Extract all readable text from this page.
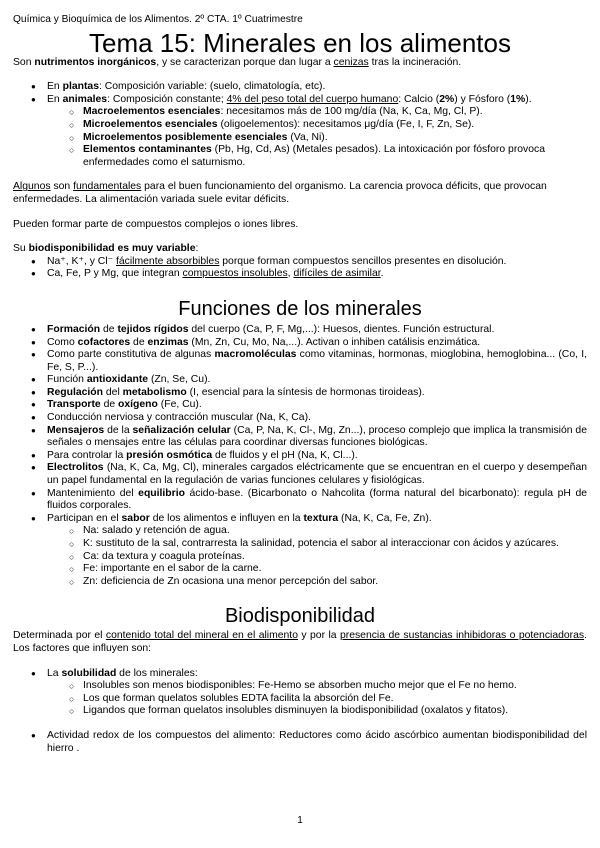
Química y Bioquímica de los Alimentos. 2º CTA. 1º Cuatrimestre
Tema 15: Minerales en los alimentos

Son nutrimentos inorgánicos, y se caracterizan porque dan lugar a cenizas tras la incineración.

● En plantas: Composición variable: (suelo, climatología, etc).
● En animales: Composición constante; 4% del peso total del cuerpo humano: Calcio (2%) y Fósforo (1%).
○ Macroelementos esenciales: necesitamos más de 100 mg/día (Na, K, Ca, Mg, Cl, P).
○ Microelementos esenciales (oligoelementos): necesitamos μg/día (Fe, I, F, Zn, Se).
○ Microelementos posiblemente esenciales (Va, Ni).
○ Elementos contaminantes (Pb, Hg, Cd, As) (Metales pesados). La intoxicación por fósforo provoca enfermedades como el saturnismo.

Algunos son fundamentales para el buen funcionamiento del organismo. La carencia provoca déficits, que provocan enfermedades. La alimentación variada suele evitar déficits.

Pueden formar parte de compuestos complejos o iones libres.

Su biodisponibilidad es muy variable:

● Na⁺, K⁺, y Cl⁻ fácilmente absorbibles porque forman compuestos sencillos presentes en disolución.
● Ca, Fe, P y Mg, que integran compuestos insolubles, difíciles de asimilar.
Funciones de los minerales
● Formación de tejidos rígidos del cuerpo (Ca, P, F, Mg,...): Huesos, dientes. Función estructural.
● Como cofactores de enzimas (Mn, Zn, Cu, Mo, Na,...). Activan o inhiben catálisis enzimática.
● Como parte constitutiva de algunas macromoléculas como vitaminas, hormonas, mioglobina, hemoglobina... (Co, I, Fe, S, P...).
● Función antioxidante (Zn, Se, Cu).
● Regulación del metabolismo (I, esencial para la síntesis de hormonas tiroideas).
● Transporte de oxígeno (Fe, Cu).
● Conducción nerviosa y contracción muscular (Na, K, Ca).
● Mensajeros de la señalización celular (Ca, P, Na, K, Cl-, Mg, Zn...), proceso complejo que implica la transmisión de señales o mensajes entre las células para coordinar diversas funciones biológicas.
● Para controlar la presión osmótica de fluidos y el pH (Na, K, Cl...).
● Electrolitos (Na, K, Ca, Mg, Cl), minerales cargados eléctricamente que se encuentran en el cuerpo y desempeñan un papel fundamental en la regulación de varias funciones celulares y fisiológicas.
● Mantenimiento del equilibrio ácido-base. (Bicarbonato o Nahcolita (forma natural del bicarbonato): regula pH de fluidos corporales.
● Participan en el sabor de los alimentos e influyen en la textura (Na, K, Ca, Fe, Zn).
○ Na: salado y retención de agua.
○ K: sustituto de la sal, contrarresta la salinidad, potencia el sabor al interaccionar con ácidos y azúcares.
○ Ca: da textura y coagula proteínas.
○ Fe: importante en el sabor de la carne.
○ Zn: deficiencia de Zn ocasiona una menor percepción del sabor.
Biodisponibilidad

Determinada por el contenido total del mineral en el alimento y por la presencia de sustancias inhibidoras o potenciadoras. Los factores que influyen son:

● La solubilidad de los minerales:
○ Insolubles son menos biodisponibles: Fe-Hemo se absorben mucho mejor que el Fe no hemo.
○ Los que forman quelatos solubles EDTA facilita la absorción del Fe.
○ Ligandos que forman quelatos insolubles disminuyen la biodisponibilidad (oxalatos y fitatos).
● Actividad redox de los compuestos del alimento: Reductores como ácido ascórbico aumentan biodisponibilidad del hierro .
1
